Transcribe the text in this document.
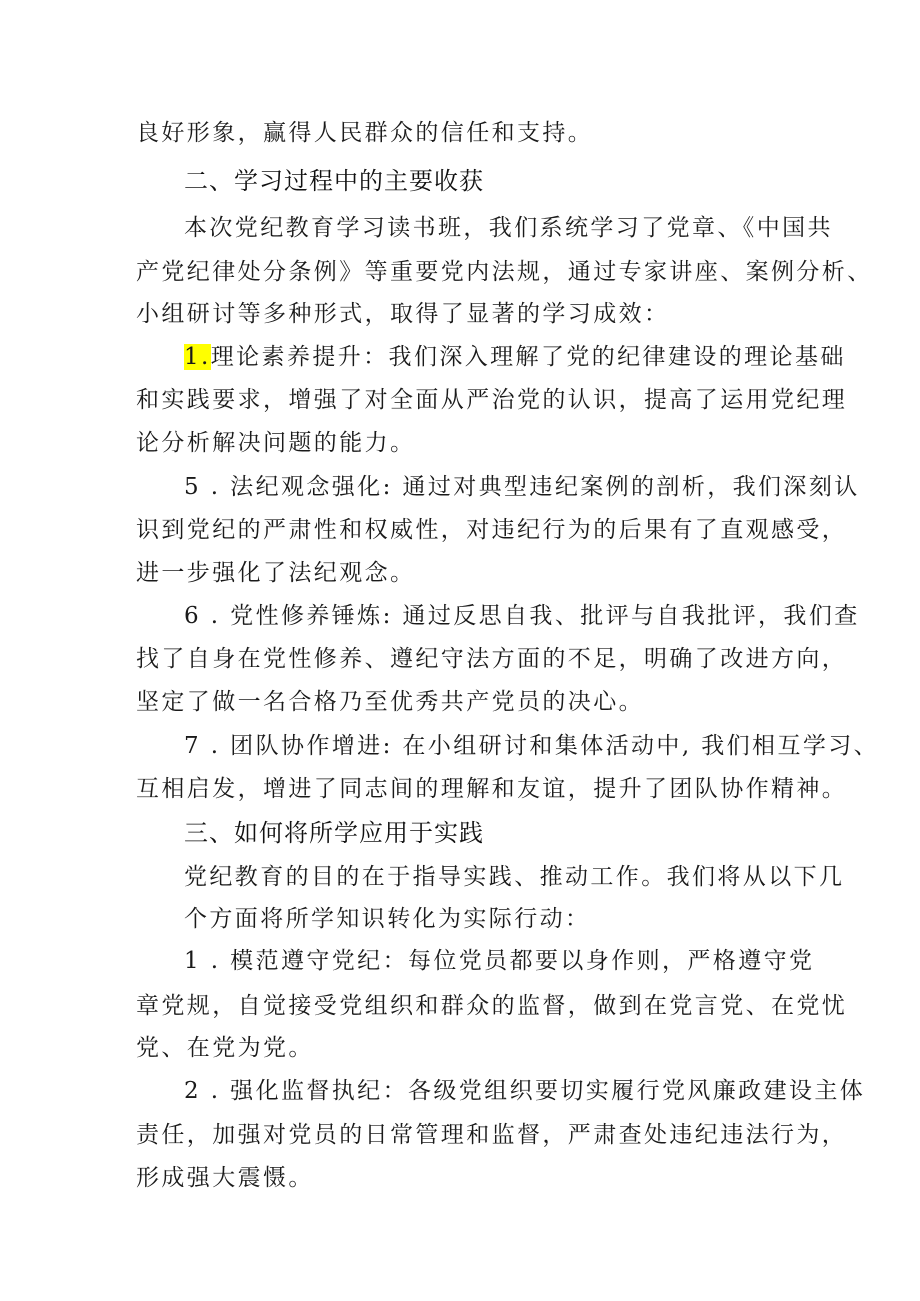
良好形象，赢得人民群众的信任和支持。
二、学习过程中的主要收获
本次党纪教育学习读书班，我们系统学习了党章、《中国共
产党纪律处分条例》等重要党内法规，通过专家讲座、案例分析、
小组研讨等多种形式，取得了显著的学习成效：
1.理论素养提升：我们深入理解了党的纪律建设的理论基础
和实践要求，增强了对全面从严治党的认识，提高了运用党纪理
论分析解决问题的能力。
5 . 法纪观念强化: 通过对典型违纪案例的剖析，我们深刻认
识到党纪的严肃性和权威性，对违纪行为的后果有了直观感受，
进一步强化了法纪观念。
6 . 党性修养锤炼: 通过反思自我、批评与自我批评，我们查
找了自身在党性修养、遵纪守法方面的不足，明确了改进方向，
坚定了做一名合格乃至优秀共产党员的决心。
7 . 团队协作增进: 在小组研讨和集体活动中, 我们相互学习、
互相启发，增进了同志间的理解和友谊，提升了团队协作精神。
三、如何将所学应用于实践
党纪教育的目的在于指导实践、推动工作。我们将从以下几
个方面将所学知识转化为实际行动：
1 . 模范遵守党纪：每位党员都要以身作则，严格遵守党
章党规，自觉接受党组织和群众的监督，做到在党言党、在党忧
党、在党为党。
2 . 强化监督执纪：各级党组织要切实履行党风廉政建设主体
责任，加强对党员的日常管理和监督，严肃查处违纪违法行为，
形成强大震慑。
